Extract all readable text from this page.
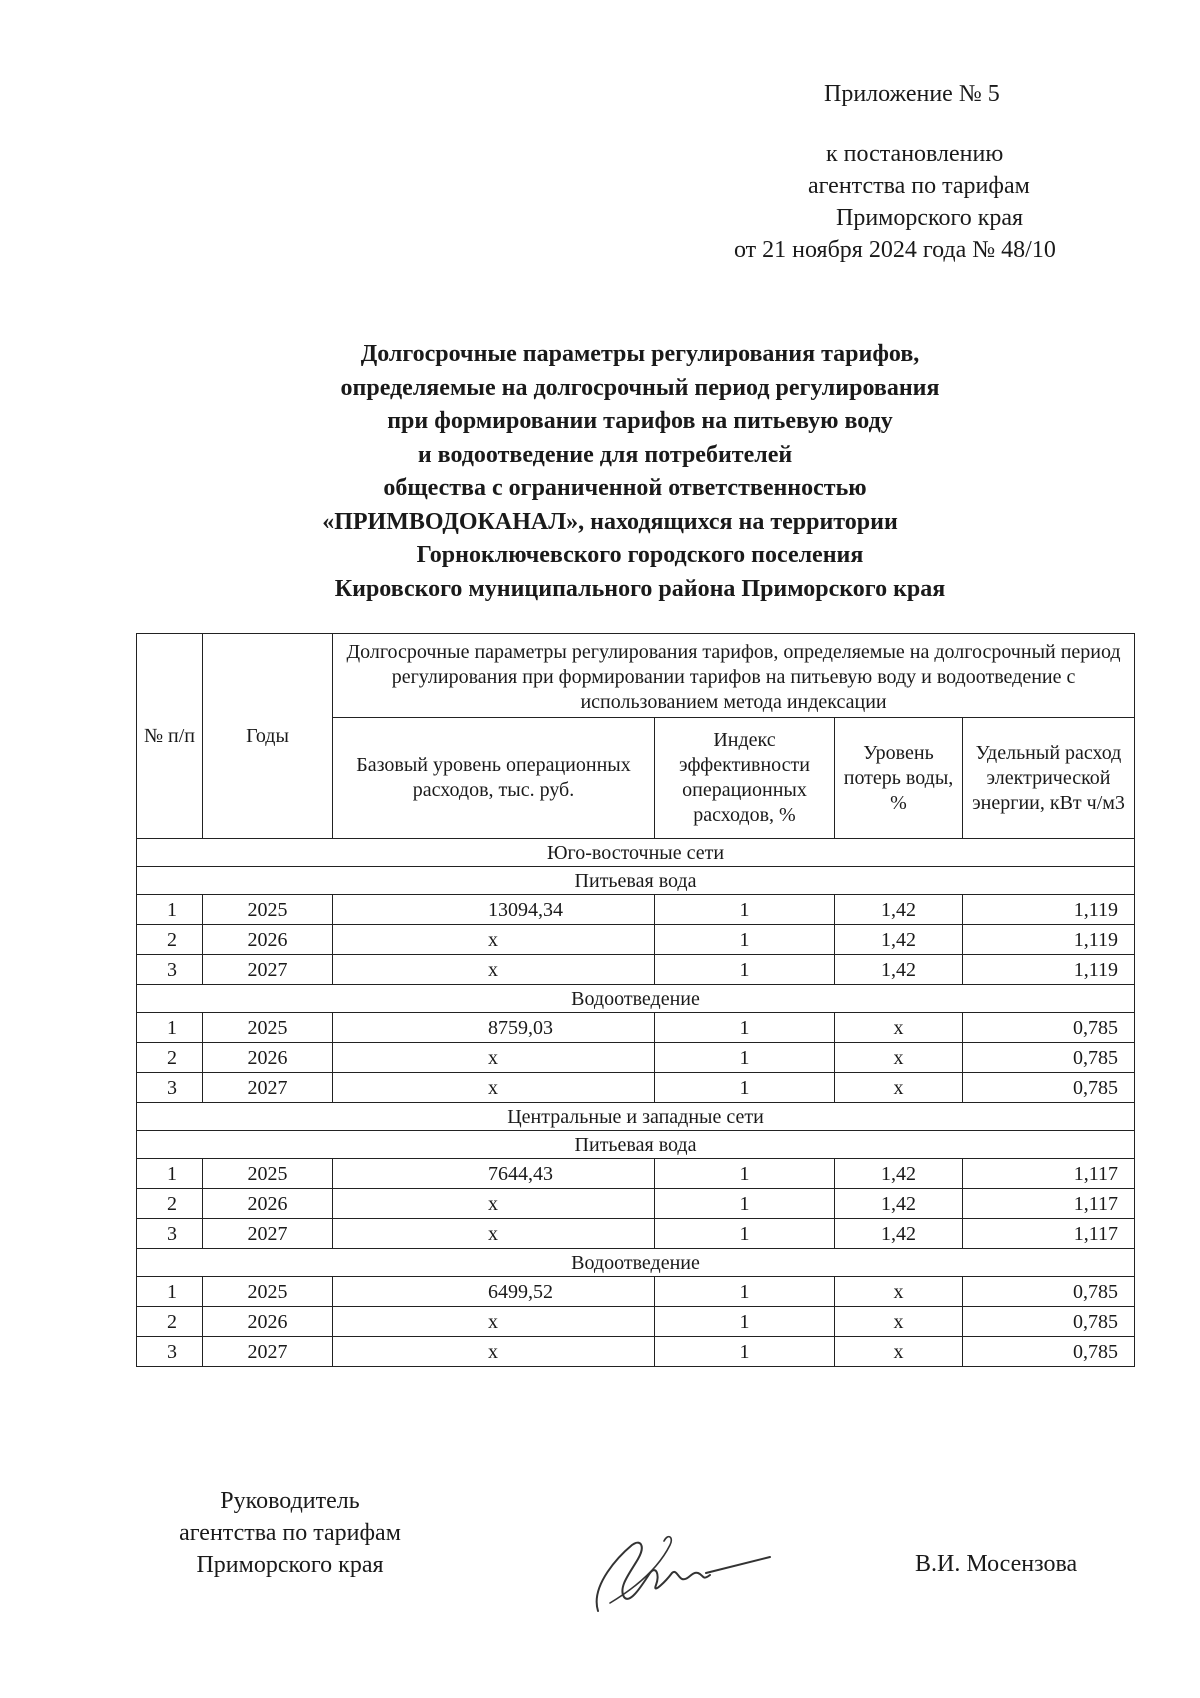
Приложение № 5
к постановлению
агентства по тарифам
Приморского края
от 21 ноября 2024 года № 48/10
Долгосрочные параметры регулирования тарифов,
определяемые на долгосрочный период регулирования
при формировании тарифов на питьевую воду
и водоотведение для потребителей
общества с ограниченной ответственностью
«ПРИМВОДОКАНАЛ», находящихся на территории
Горноключевского городского поселения
Кировского муниципального района Приморского края
№ п/п	Годы	Долгосрочные параметры регулирования тарифов, определяемые на долгосрочный период регулирования при формировании тарифов на питьевую воду и водоотведение с использованием метода индексации			
		Базовый уровень операционных расходов, тыс. руб.	Индекс эффективности операционных расходов, %	Уровень потерь воды, %	Удельный расход электрической энергии, кВт ч/м3
Юго-восточные сети					
Питьевая вода					
1	2025	13094,34	1	1,42	1,119
2	2026	х	1	1,42	1,119
3	2027	х	1	1,42	1,119
Водоотведение					
1	2025	8759,03	1	х	0,785
2	2026	х	1	х	0,785
3	2027	х	1	х	0,785
Центральные и западные сети					
Питьевая вода					
1	2025	7644,43	1	1,42	1,117
2	2026	х	1	1,42	1,117
3	2027	х	1	1,42	1,117
Водоотведение					
1	2025	6499,52	1	х	0,785
2	2026	х	1	х	0,785
3	2027	х	1	х	0,785
Руководитель
агентства по тарифам
Приморского края	В.И. Мосензова
